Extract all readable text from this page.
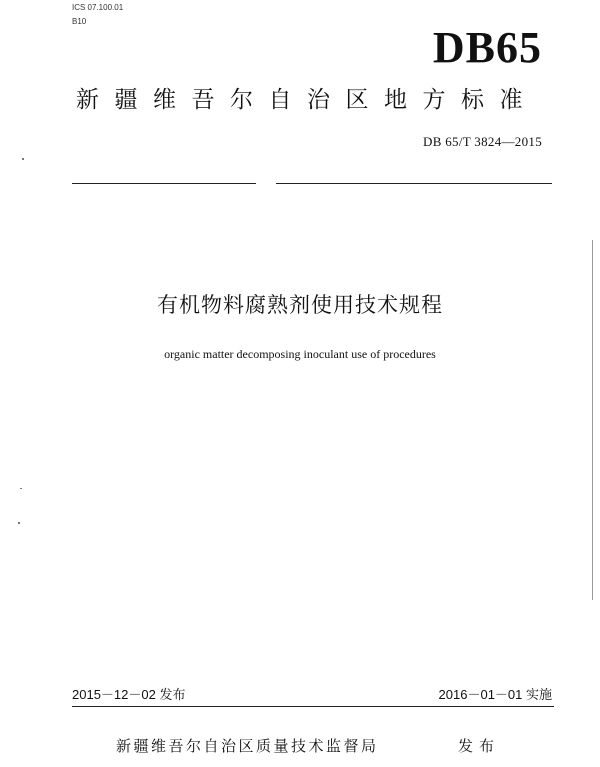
ICS 07.100.01
B10
DB65
新疆维吾尔自治区地方标准
DB 65/T 3824—2015
有机物料腐熟剂使用技术规程
organic matter decomposing inoculant use of procedures
2015－12－02 发布	2016－01－01 实施
新疆维吾尔自治区质量技术监督局	发布
